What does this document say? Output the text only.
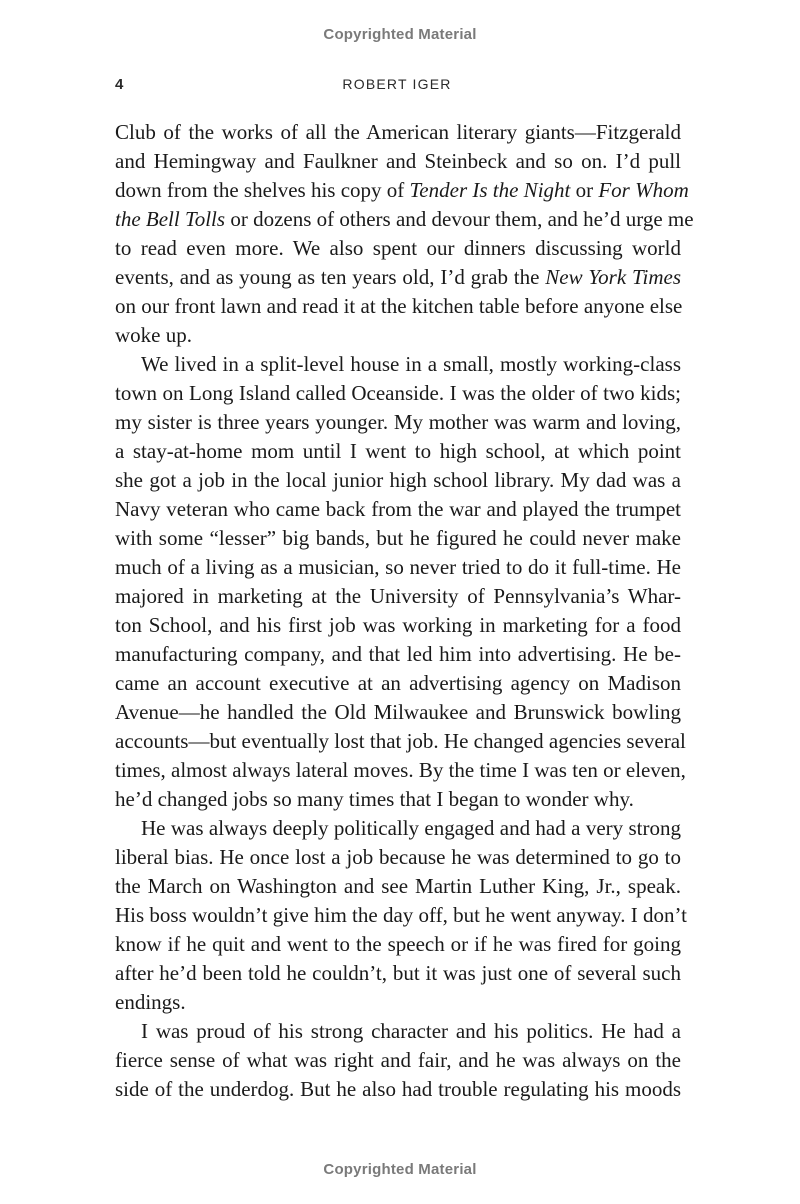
Copyrighted Material
4	ROBERT IGER

Club of the works of all the American literary giants—Fitzgerald
and Hemingway and Faulkner and Steinbeck and so on. I’d pull
down from the shelves his copy of Tender Is the Night or For Whom
the Bell Tolls or dozens of others and devour them, and he’d urge me
to read even more. We also spent our dinners discussing world
events, and as young as ten years old, I’d grab the New York Times
on our front lawn and read it at the kitchen table before anyone else
woke up.

We lived in a split-level house in a small, mostly working-class
town on Long Island called Oceanside. I was the older of two kids;
my sister is three years younger. My mother was warm and loving,
a stay-at-home mom until I went to high school, at which point
she got a job in the local junior high school library. My dad was a
Navy veteran who came back from the war and played the trumpet
with some “lesser” big bands, but he figured he could never make
much of a living as a musician, so never tried to do it full-time. He
majored in marketing at the University of Pennsylvania’s Whar-
ton School, and his first job was working in marketing for a food
manufacturing company, and that led him into advertising. He be-
came an account executive at an advertising agency on Madison
Avenue—he handled the Old Milwaukee and Brunswick bowling
accounts—but eventually lost that job. He changed agencies several
times, almost always lateral moves. By the time I was ten or eleven,
he’d changed jobs so many times that I began to wonder why.

He was always deeply politically engaged and had a very strong
liberal bias. He once lost a job because he was determined to go to
the March on Washington and see Martin Luther King, Jr., speak.
His boss wouldn’t give him the day off, but he went anyway. I don’t
know if he quit and went to the speech or if he was fired for going
after he’d been told he couldn’t, but it was just one of several such
endings.

I was proud of his strong character and his politics. He had a
fierce sense of what was right and fair, and he was always on the
side of the underdog. But he also had trouble regulating his moods

Copyrighted Material
